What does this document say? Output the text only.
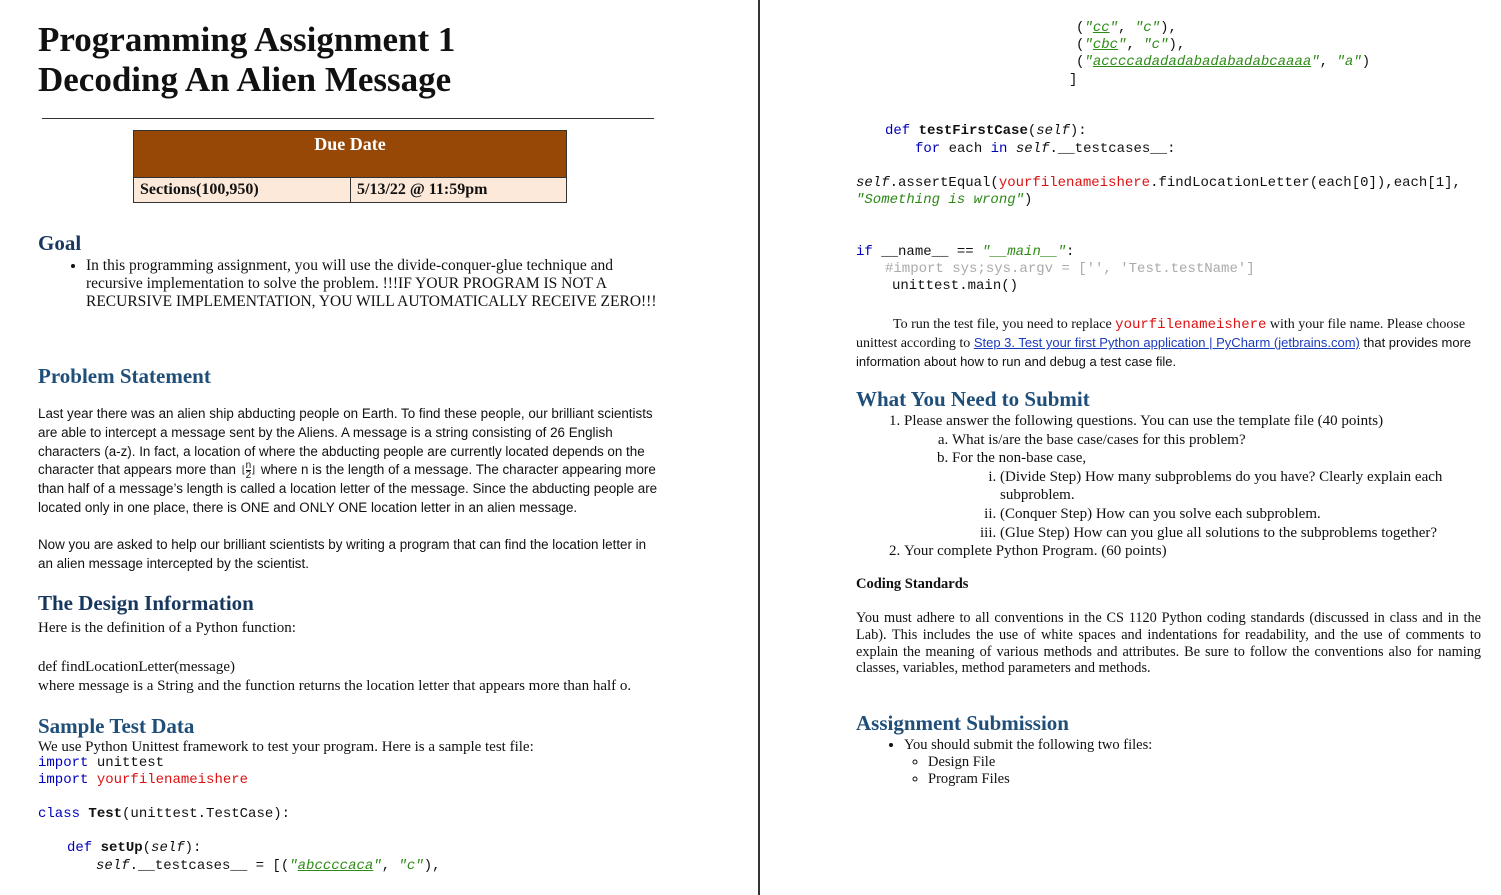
Programming Assignment 1
Decoding An Alien Message
Due Date
Sections(100,950)	5/13/22 @ 11:59pm
Goal
• In this programming assignment, you will use the divide-conquer-glue technique and recursive implementation to solve the problem. !!!IF YOUR PROGRAM IS NOT A RECURSIVE IMPLEMENTATION, YOU WILL AUTOMATICALLY RECEIVE ZERO!!!
Problem Statement
Last year there was an alien ship abducting people on Earth. To find these people, our brilliant scientists are able to intercept a message sent by the Aliens. A message is a string consisting of 26 English characters (a-z). In fact, a location of where the abducting people are currently located depends on the character that appears more than ⌊ $\frac{n}{2}$ ⌋ where n is the length of a message. The character appearing more than half of a message’s length is called a location letter of the message. Since the abducting people are located only in one place, there is ONE and ONLY ONE location letter in an alien message.
Now you are asked to help our brilliant scientists by writing a program that can find the location letter in an alien message intercepted by the scientist.
The Design Information
Here is the definition of a Python function:
def findLocationLetter(message)
where message is a String and the function returns the location letter that appears more than half o.
Sample Test Data
We use Python Unittest framework to test your program. Here is a sample test file:
import unittest
import yourfilenameishere
class Test(unittest.TestCase):
def setUp(self):
self.__testcases__ = [("abccccaca", "c"),
("cc", "c"),
("cbc", "c"),
("accccadadadabadabadabcaaaa", "a")
]
def testFirstCase(self):
for each in self.__testcases__:
self.assertEqual(yourfilenameishere.findLocationLetter(each[0]),each[1],
"Something is wrong")
if __name__ == "__main__":
#import sys;sys.argv = ['', 'Test.testName']
unittest.main()
To run the test file, you need to replace yourfilenameishere with your file name. Please choose unittest according to Step 3. Test your first Python application | PyCharm (jetbrains.com) that provides more information about how to run and debug a test case file.
What You Need to Submit
1. Please answer the following questions. You can use the template file (40 points)
a. What is/are the base case/cases for this problem?
b. For the non-base case,
i. (Divide Step) How many subproblems do you have? Clearly explain each subproblem.
ii. (Conquer Step) How can you solve each subproblem.
iii. (Glue Step) How can you glue all solutions to the subproblems together?
2. Your complete Python Program. (60 points)
Coding Standards
You must adhere to all conventions in the CS 1120 Python coding standards (discussed in class and in the Lab). This includes the use of white spaces and indentations for readability, and the use of comments to explain the meaning of various methods and attributes. Be sure to follow the conventions also for naming classes, variables, method parameters and methods.
Assignment Submission
• You should submit the following two files:
◦ Design File
◦ Program Files
